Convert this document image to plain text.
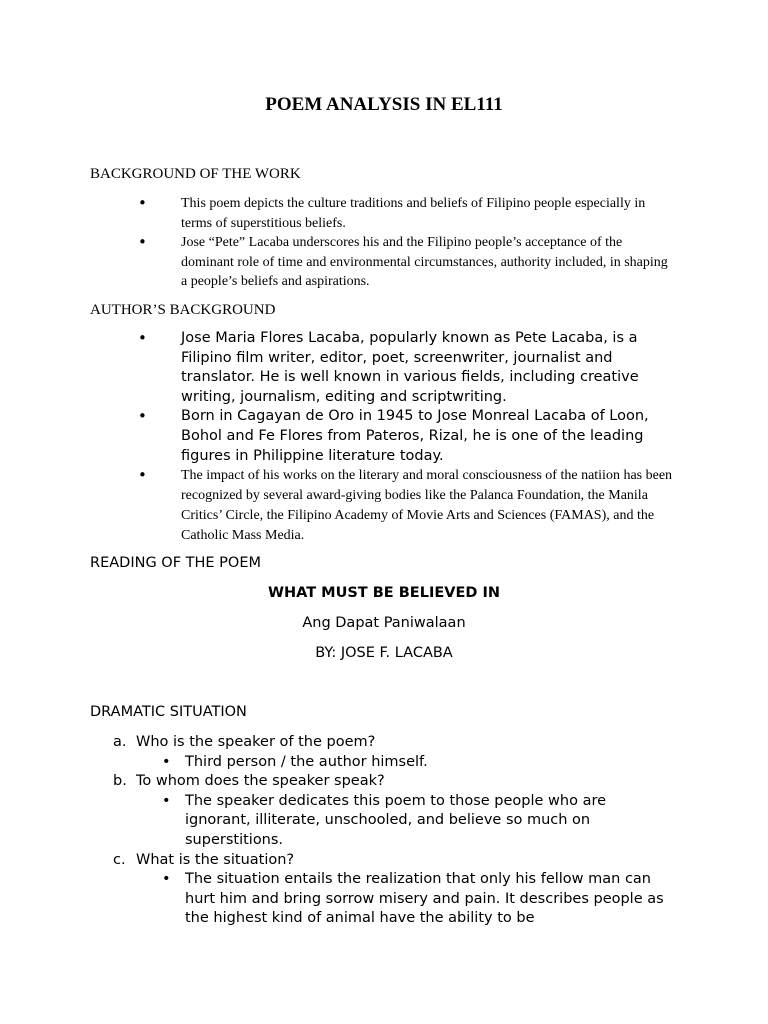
POEM ANALYSIS IN EL111
BACKGROUND OF THE WORK
• This poem depicts the culture traditions and beliefs of Filipino people especially in terms of superstitious beliefs.
• Jose “Pete” Lacaba underscores his and the Filipino people’s acceptance of the dominant role of time and environmental circumstances, authority included, in shaping a people’s beliefs and aspirations.
AUTHOR’S BACKGROUND
• Jose Maria Flores Lacaba, popularly known as Pete Lacaba, is a Filipino film writer, editor, poet, screenwriter, journalist and translator. He is well known in various fields, including creative writing, journalism, editing and scriptwriting.
• Born in Cagayan de Oro in 1945 to Jose Monreal Lacaba of Loon, Bohol and Fe Flores from Pateros, Rizal, he is one of the leading figures in Philippine literature today.
• The impact of his works on the literary and moral consciousness of the natiion has been recognized by several award-giving bodies like the Palanca Foundation, the Manila Critics’ Circle, the Filipino Academy of Movie Arts and Sciences (FAMAS), and the Catholic Mass Media.
READING OF THE POEM
WHAT MUST BE BELIEVED IN
Ang Dapat Paniwalaan
BY: JOSE F. LACABA
DRAMATIC SITUATION
a. Who is the speaker of the poem?
• Third person / the author himself.
b. To whom does the speaker speak?
• The speaker dedicates this poem to those people who are ignorant, illiterate, unschooled, and believe so much on superstitions.
c. What is the situation?
• The situation entails the realization that only his fellow man can hurt him and bring sorrow misery and pain. It describes people as the highest kind of animal have the ability to be
